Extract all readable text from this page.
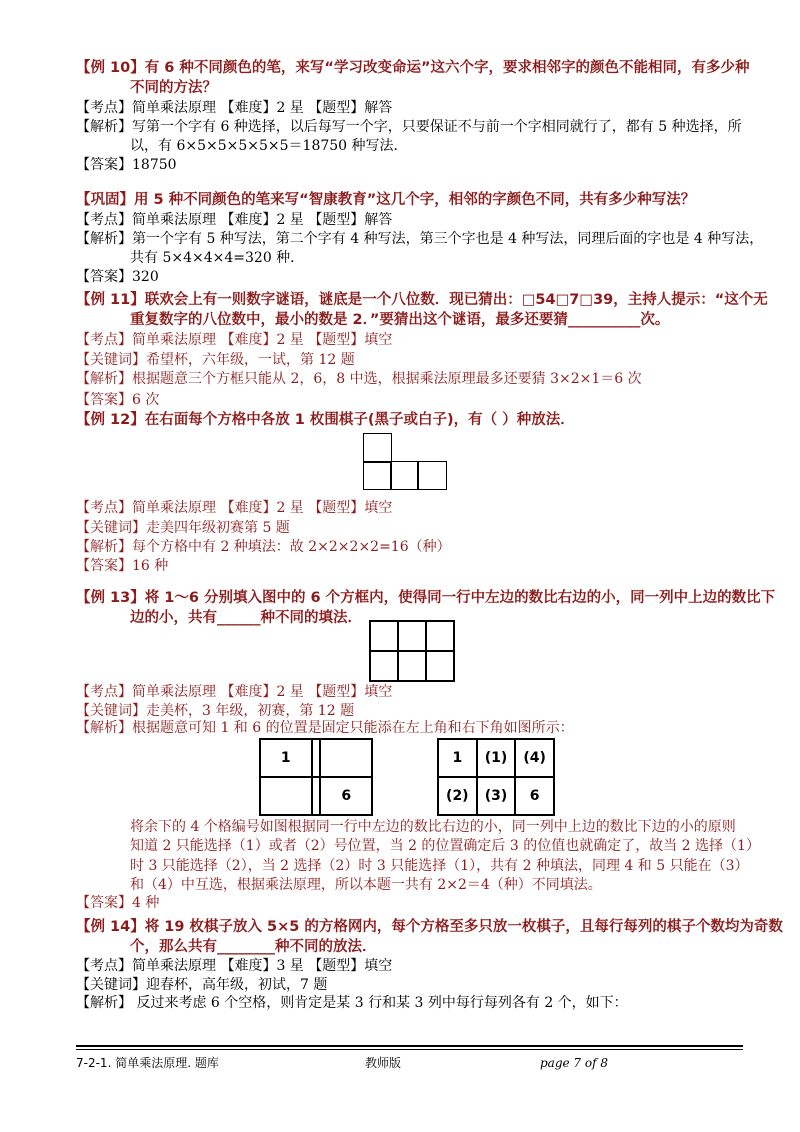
【例 10】有 6 种不同颜色的笔，来写“学习改变命运”这六个字，要求相邻字的颜色不能相同，有多少种
不同的方法？
【考点】简单乘法原理 【难度】2 星 【题型】解答
【解析】写第一个字有 6 种选择，以后每写一个字，只要保证不与前一个字相同就行了，都有 5 种选择，所
以，有 6×5×5×5×5×5＝18750 种写法．
【答案】18750
【巩固】用 5 种不同颜色的笔来写“智康教育”这几个字，相邻的字颜色不同，共有多少种写法？
【考点】简单乘法原理 【难度】2 星 【题型】解答
【解析】第一个字有 5 种写法，第二个字有 4 种写法，第三个字也是 4 种写法，同理后面的字也是 4 种写法，
共有 5×4×4×4=320 种．
【答案】320
【例 11】联欢会上有一则数字谜语，谜底是一个八位数．现已猜出：□54□7□39，主持人提示：“这个无
重复数字的八位数中，最小的数是 2．”要猜出这个谜语，最多还要猜__________次。
【考点】简单乘法原理 【难度】2 星 【题型】填空
【关键词】希望杯，六年级，一试，第 12 题
【解析】根据题意三个方框只能从 2，6，8 中选，根据乘法原理最多还要猜 3×2×1＝6 次
【答案】6 次
【例 12】在右面每个方格中各放 1 枚围棋子(黑子或白子)，有（ ）种放法．
【考点】简单乘法原理 【难度】2 星 【题型】填空
【关键词】走美四年级初赛第 5 题
【解析】每个方格中有 2 种填法：故 2×2×2×2=16（种）
【答案】16 种
【例 13】将 1～6 分别填入图中的 6 个方框内，使得同一行中左边的数比右边的小，同一列中上边的数比下
边的小，共有______种不同的填法．

【考点】简单乘法原理 【难度】2 星 【题型】填空
【关键词】走美杯，3 年级，初赛，第 12 题
【解析】根据题意可知 1 和 6 的位置是固定只能添在左上角和右下角如图所示：
1		
		6
1	(1)	(4)
(2)	(3)	6
将余下的 4 个格编号如图根据同一行中左边的数比右边的小，同一列中上边的数比下边的小的原则
知道 2 只能选择（1）或者（2）号位置，当 2 的位置确定后 3 的位值也就确定了，故当 2 选择（1）
时 3 只能选择（2），当 2 选择（2）时 3 只能选择（1），共有 2 种填法，同理 4 和 5 只能在（3）
和（4）中互选，根据乘法原理，所以本题一共有 2×2＝4（种）不同填法。
【答案】4 种
【例 14】将 19 枚棋子放入 5×5 的方格网内，每个方格至多只放一枚棋子，且每行每列的棋子个数均为奇数
个，那么共有________种不同的放法．
【考点】简单乘法原理 【难度】3 星 【题型】填空
【关键词】迎春杯，高年级，初试，7 题
【解析】 反过来考虑 6 个空格，则肯定是某 3 行和某 3 列中每行每列各有 2 个，如下：
7-2-1. 简单乘法原理. 题库	教师版	page 7 of 8
